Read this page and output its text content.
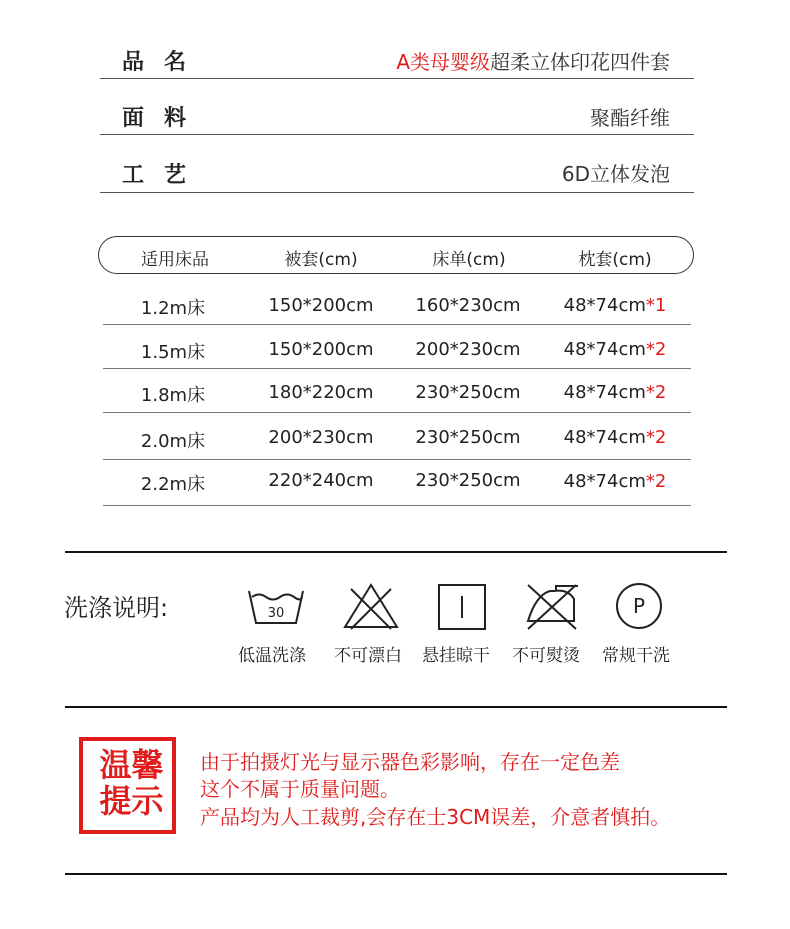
品名	A类母婴级超柔立体印花四件套
面料	聚酯纤维
工艺	6D立体发泡
适用床品	被套(cm)	床单(cm)	枕套(cm)
1.2m床	150*200cm	160*230cm	48*74cm*1
1.5m床	150*200cm	200*230cm	48*74cm*2
1.8m床	180*220cm	230*250cm	48*74cm*2
2.0m床	200*230cm	230*250cm	48*74cm*2
2.2m床	220*240cm	230*250cm	48*74cm*2
洗涤说明:	30	P
低温洗涤	不可漂白	悬挂晾干	不可熨烫	常规干洗
温馨
提示
由于拍摄灯光与显示器色彩影响，存在一定色差
这个不属于质量问题。
产品均为人工裁剪,会存在士3CM误差，介意者慎拍。
